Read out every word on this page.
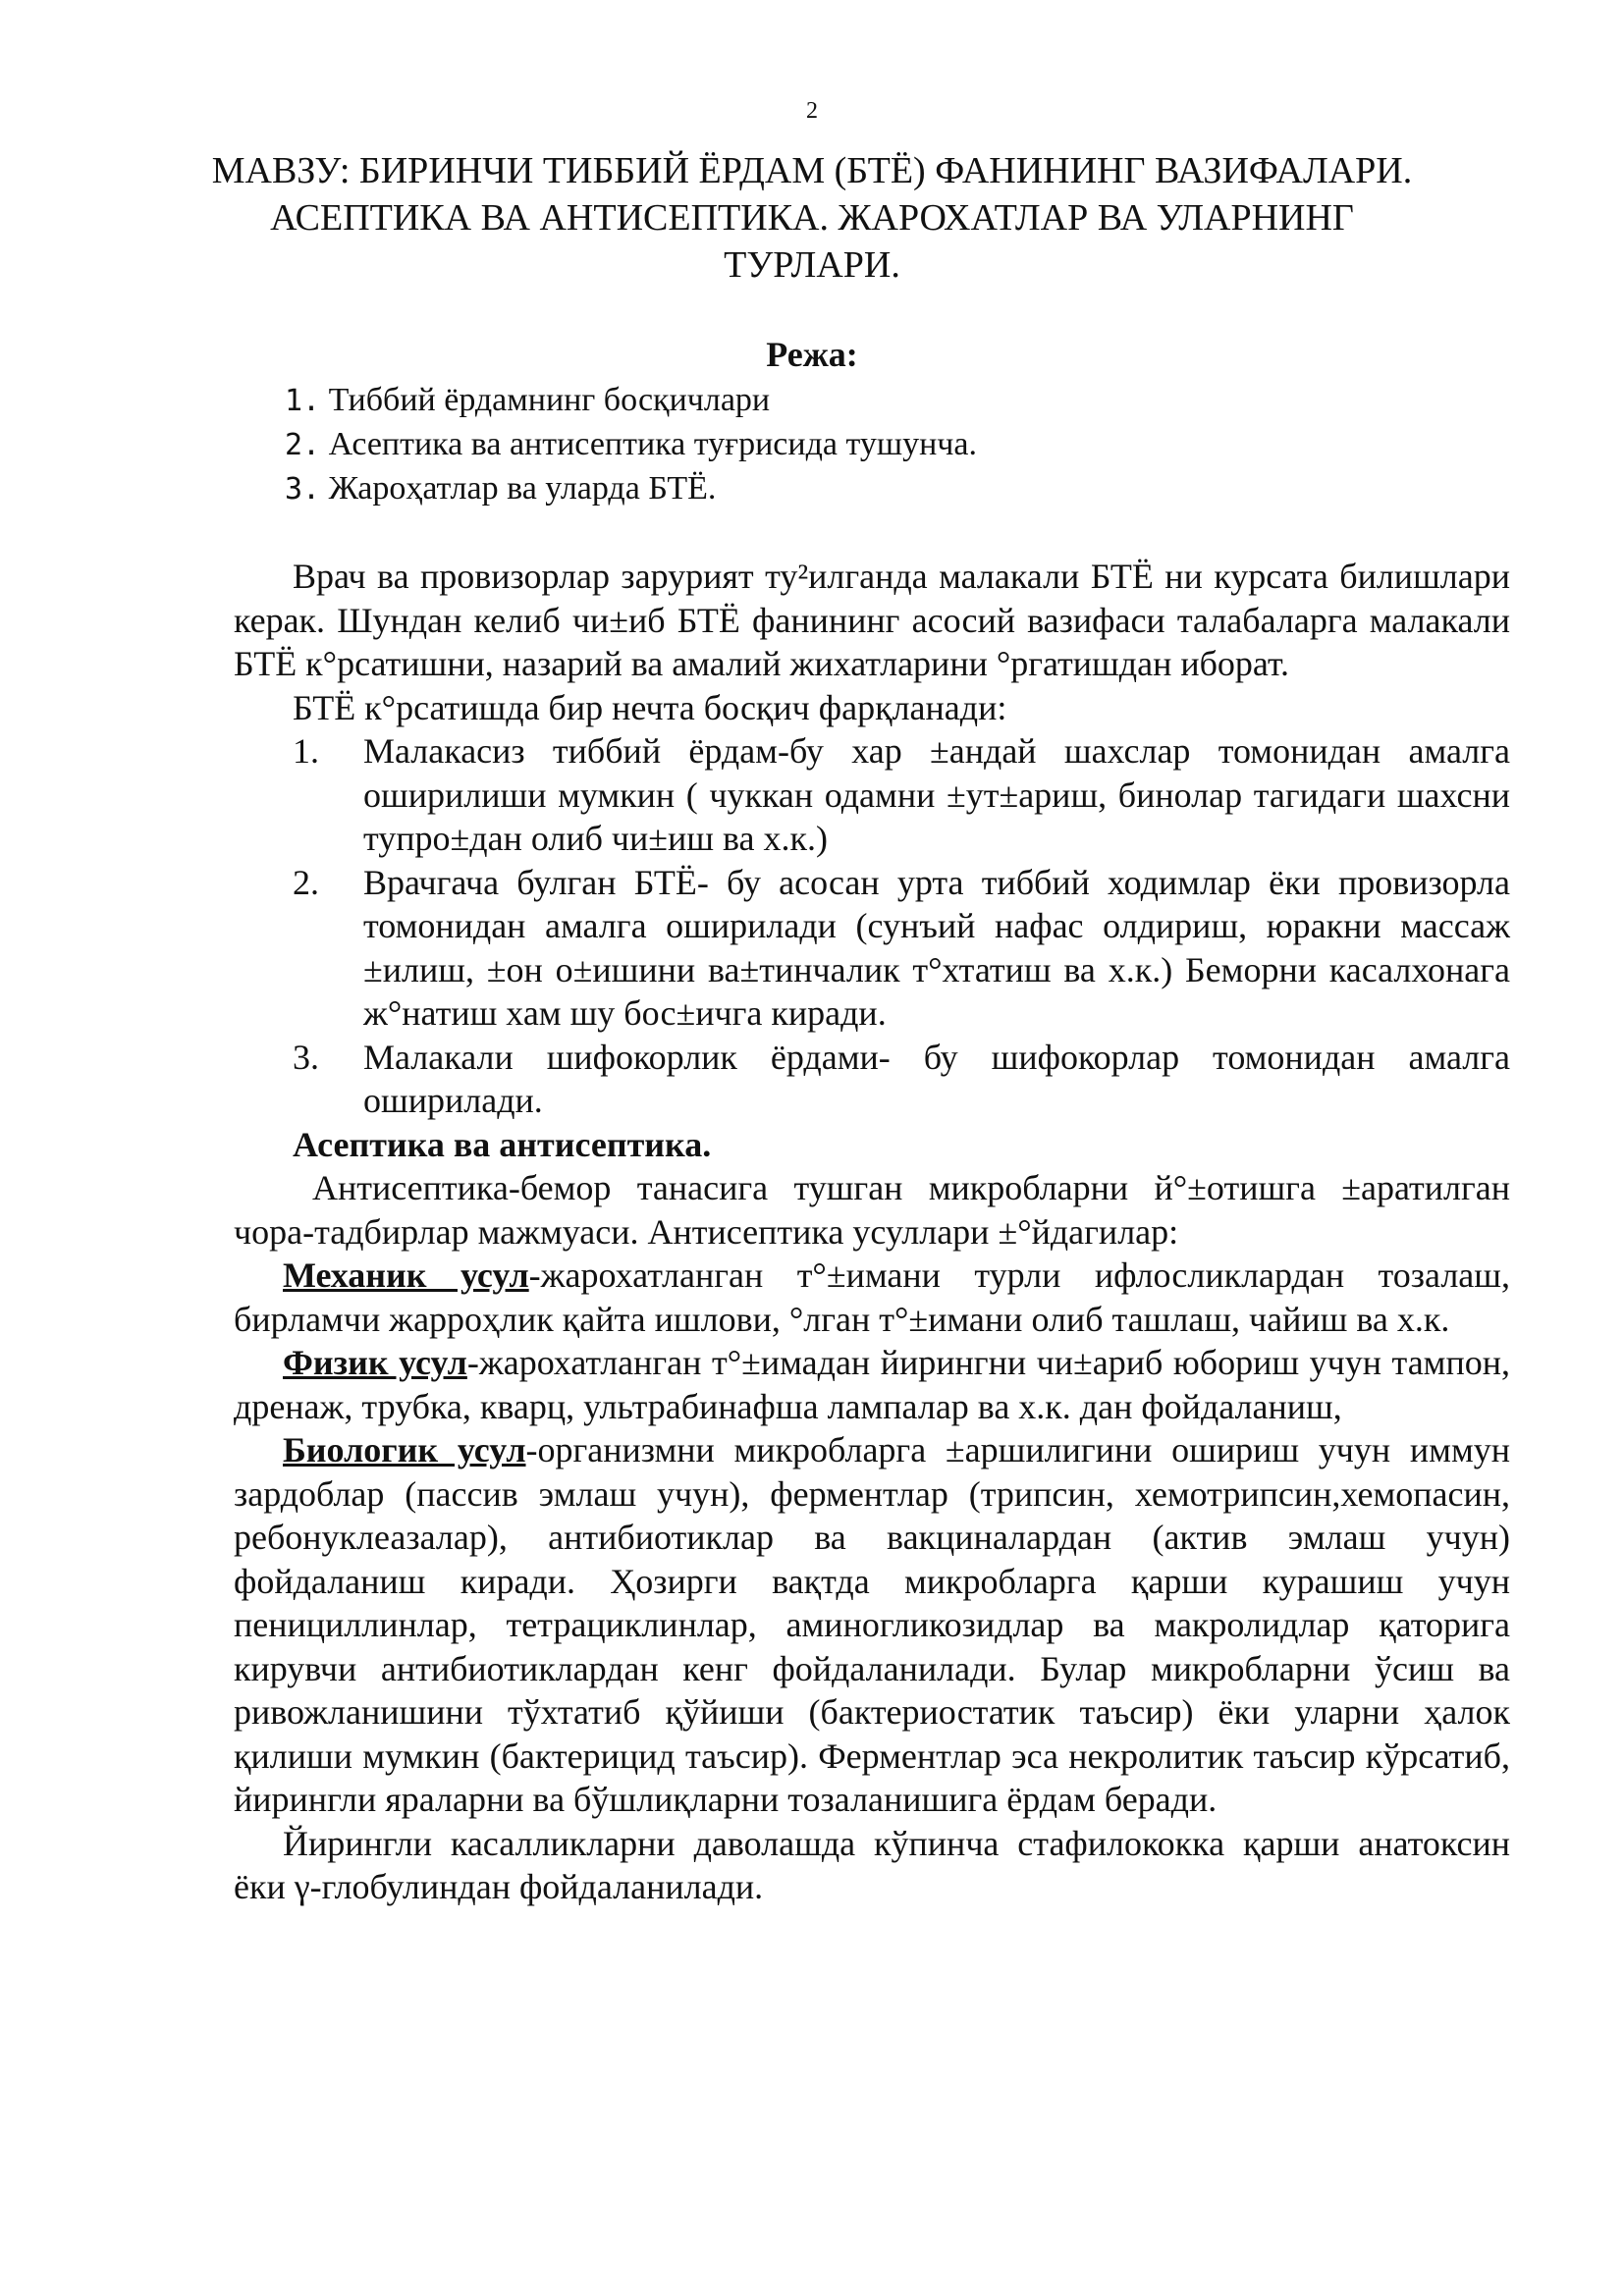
2
МАВЗУ: БИРИНЧИ ТИББИЙ ЁРДАМ (БТЁ) ФАНИНИНГ ВАЗИФАЛАРИ. АСЕПТИКА ВА АНТИСЕПТИКА. ЖАРОХАТЛАР ВА УЛАРНИНГ ТУРЛАРИ.
Режа:
1. Тиббий ёрдамнинг босқичлари
2. Асептика ва антисептика туғрисида тушунча.
3. Жароҳатлар ва уларда БТЁ.

Врач ва провизорлар зарурият ту²илганда малакали БТЁ ни курсата билишлари керак. Шундан келиб чи±иб БТЁ фанининг асосий вазифаси талабаларга малакали БТЁ к°рсатишни, назарий ва амалий жихатларини °ргатишдан иборат.

БТЁ к°рсатишда бир нечта босқич фарқланади:

1. Малакасиз тиббий ёрдам-бу хар ±андай шахслар томонидан амалга оширилиши мумкин ( чуккан одамни ±ут±ариш, бинолар тагидаги шахсни тупро±дан олиб чи±иш ва х.к.)
2. Врачгача булган БТЁ- бу асосан урта тиббий ходимлар ёки провизорла томонидан амалга оширилади (сунъий нафас олдириш, юракни массаж ±илиш, ±он о±ишини ва±тинчалик т°хтатиш ва х.к.) Беморни касалхонага ж°натиш хам шу бос±ичга киради.
3. Малакали шифокорлик ёрдами- бу шифокорлар томонидан амалга оширилади.
Асептика ва антисептика.

Антисептика-бемор танасига тушган микробларни й°±отишга ±аратилган чора-тадбирлар мажмуаси. Антисептика усуллари ±°йдагилар:

Механик усул-жарохатланган т°±имани турли ифлосликлардан тозалаш, бирламчи жарроҳлик қайта ишлови, °лган т°±имани олиб ташлаш, чайиш ва х.к.

Физик усул-жарохатланган т°±имадан йирингни чи±ариб юбориш учун тампон, дренаж, трубка, кварц, ультрабинафша лампалар ва х.к. дан фойдаланиш,

Биологик усул-организмни микробларга ±аршилигини ошириш учун иммун зардоблар (пассив эмлаш учун), ферментлар (трипсин, хемотрипсин,хемопасин, ребонуклеазалар), антибиотиклар ва вакциналардан (актив эмлаш учун) фойдаланиш киради. Ҳозирги вақтда микробларга қарши курашиш учун пенициллинлар, тетрациклинлар, аминогликозидлар ва макролидлар қаторига кирувчи антибиотиклардан кенг фойдаланилади. Булар микробларни ўсиш ва ривожланишини тўхтатиб қўйиши (бактериостатик таъсир) ёки уларни ҳалок қилиши мумкин (бактерицид таъсир). Ферментлар эса некролитик таъсир кўрсатиб, йирингли яраларни ва бўшлиқларни тозаланишига ёрдам беради.

Йирингли касалликларни даволашда кўпинча стафилококка қарши анатоксин ёки γ-глобулиндан фойдаланилади.
